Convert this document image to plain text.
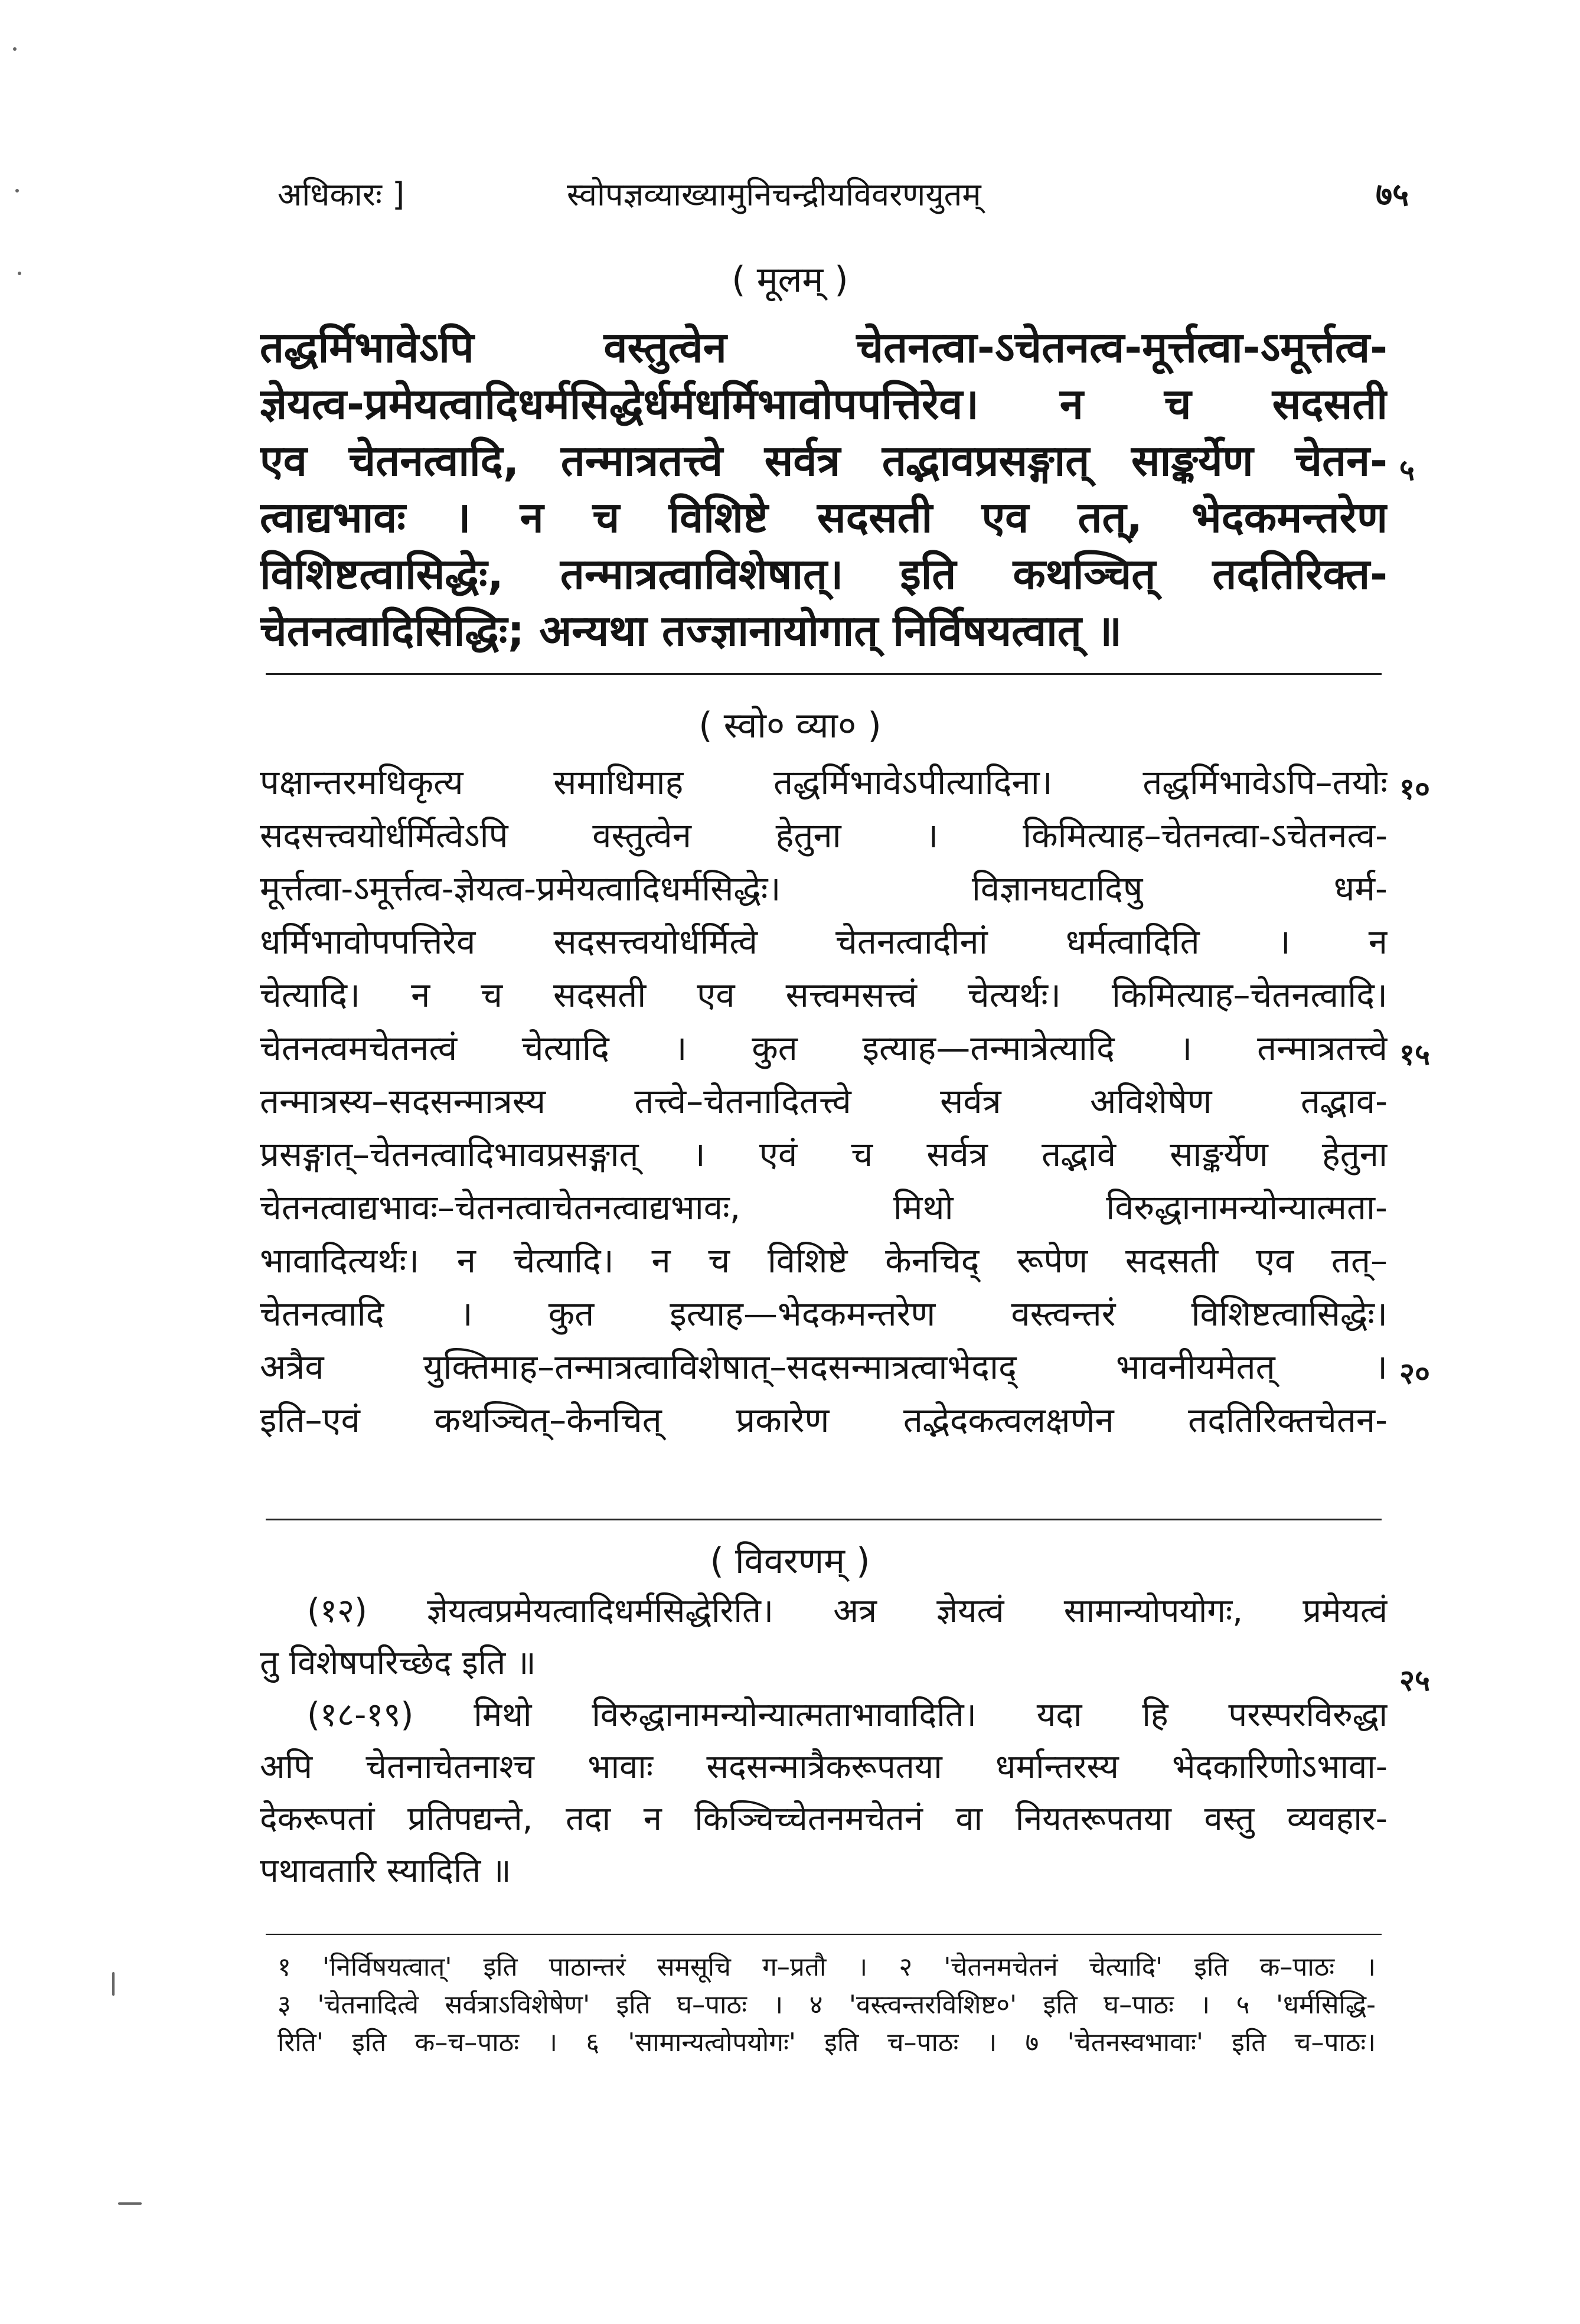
अधिकारः ]	स्वोपज्ञव्याख्यामुनिचन्द्रीयविवरणयुतम्	७५
( मूलम् )
तद्धर्मिभावेऽपि वस्तुत्वेन चेतनत्वा-ऽचेतनत्व-मूर्त्तत्वा-ऽमूर्त्तत्व-
ज्ञेयत्व-प्रमेयत्वादिधर्मसिद्धेर्धर्मधर्मिभावोपपत्तिरेव। न च सदसती
एव चेतनत्वादि, तन्मात्रतत्त्वे सर्वत्र तद्भावप्रसङ्गात् साङ्कर्येण चेतन-
त्वाद्यभावः । न च विशिष्टे सदसती एव तत्, भेदकमन्तरेण
विशिष्टत्वासिद्धेः, तन्मात्रत्वाविशेषात्। इति कथञ्चित् तदतिरिक्त-
चेतनत्वादिसिद्धिः; अन्यथा तज्ज्ञानायोगात् निर्विषयत्वात् ॥
५
( स्वो० व्या० )
पक्षान्तरमधिकृत्य समाधिमाह तद्धर्मिभावेऽपीत्यादिना। तद्धर्मिभावेऽपि–तयोः
सदसत्त्वयोर्धर्मित्वेऽपि वस्तुत्वेन हेतुना । किमित्याह–चेतनत्वा-ऽचेतनत्व-
मूर्त्तत्वा-ऽमूर्त्तत्व-ज्ञेयत्व-प्रमेयत्वादिधर्मसिद्धेः। विज्ञानघटादिषु धर्म-
धर्मिभावोपपत्तिरेव सदसत्त्वयोर्धर्मित्वे चेतनत्वादीनां धर्मत्वादिति । न
चेत्यादि। न च सदसती एव सत्त्वमसत्त्वं चेत्यर्थः। किमित्याह–चेतनत्वादि।
चेतनत्वमचेतनत्वं चेत्यादि । कुत इत्याह—तन्मात्रेत्यादि । तन्मात्रतत्त्वे
तन्मात्रस्य–सदसन्मात्रस्य तत्त्वे–चेतनादितत्त्वे सर्वत्र अविशेषेण तद्भाव-
प्रसङ्गात्–चेतनत्वादिभावप्रसङ्गात् । एवं च सर्वत्र तद्भावे साङ्कर्येण हेतुना
चेतनत्वाद्यभावः–चेतनत्वाचेतनत्वाद्यभावः, मिथो विरुद्धानामन्योन्यात्मता-
भावादित्यर्थः। न चेत्यादि। न च विशिष्टे केनचिद् रूपेण सदसती एव तत्–
चेतनत्वादि । कुत इत्याह—भेदकमन्तरेण वस्त्वन्तरं विशिष्टत्वासिद्धेः।
अत्रैव युक्तिमाह–तन्मात्रत्वाविशेषात्–सदसन्मात्रत्वाभेदाद् भावनीयमेतत् ।
इति–एवं कथञ्चित्–केनचित् प्रकारेण तद्भेदकत्वलक्षणेन तदतिरिक्तचेतन-
१०
१५
२०
( विवरणम् )
(१२) ज्ञेयत्वप्रमेयत्वादिधर्मसिद्धेरिति। अत्र ज्ञेयत्वं सामान्योपयोगः, प्रमेयत्वं
तु विशेषपरिच्छेद इति ॥
(१८-१९) मिथो विरुद्धानामन्योन्यात्मताभावादिति। यदा हि परस्परविरुद्धा
अपि चेतनाचेतनाश्च भावाः सदसन्मात्रैकरूपतया धर्मान्तरस्य भेदकारिणोऽभावा-
देकरूपतां प्रतिपद्यन्ते, तदा न किञ्चिच्चेतनमचेतनं वा नियतरूपतया वस्तु व्यवहार-
पथावतारि स्यादिति ॥
२५
१ 'निर्विषयत्वात्' इति पाठान्तरं समसूचि ग–प्रतौ । २ 'चेतनमचेतनं चेत्यादि' इति क–पाठः ।
३ 'चेतनादित्वे सर्वत्राऽविशेषेण' इति घ–पाठः । ४ 'वस्त्वन्तरविशिष्ट०' इति घ–पाठः । ५ 'धर्मसिद्धि-
रिति' इति क–च–पाठः । ६ 'सामान्यत्वोपयोगः' इति च–पाठः । ७ 'चेतनस्वभावाः' इति च–पाठः।
